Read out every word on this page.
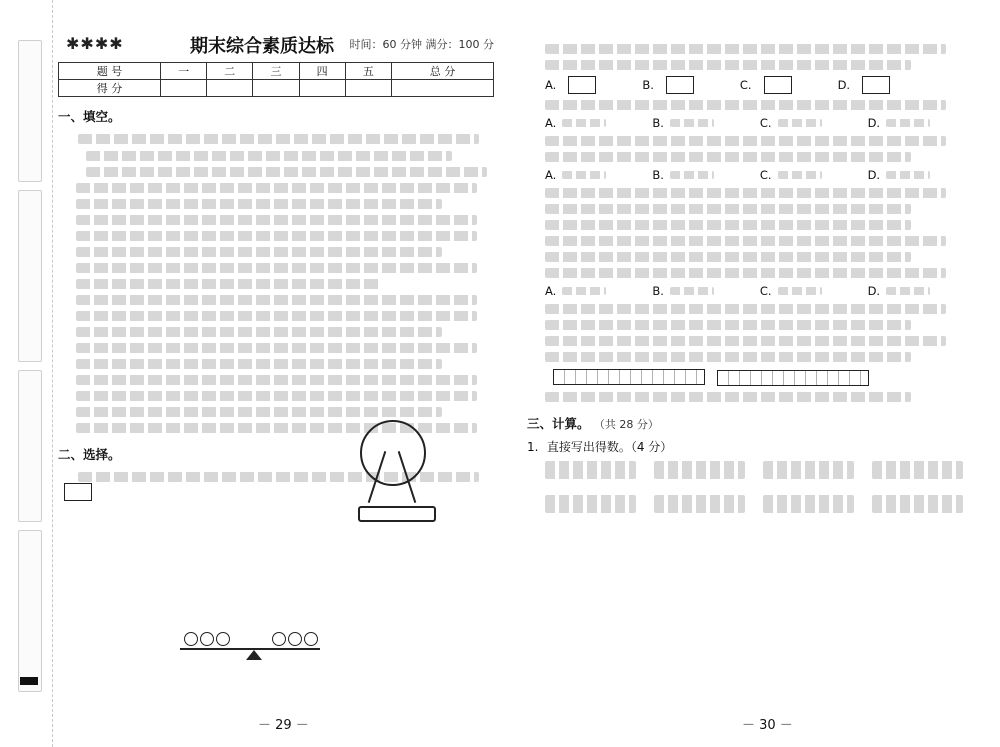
✱✱✱✱	期末综合素质达标 时间：60 分钟 满分：100 分
题 号	一	二	三	四	五	总 分
得 分						
一、填空。

二、选择。

A.	B.	C.	D.
A.	B.	C.	D.
A.	B.	C.	D.
A.	B.	C.	D.

三、计算。 （共 28 分）
1. 直接写出得数。（4 分）
－ 29 －	－ 30 －
